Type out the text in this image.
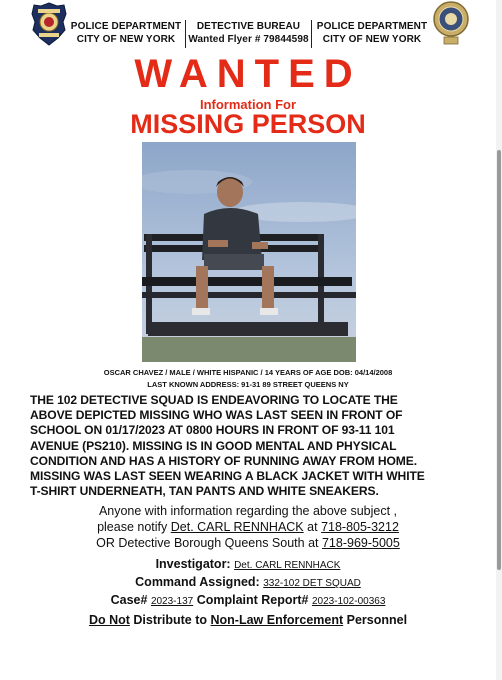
POLICE DEPARTMENT
CITY OF NEW YORK
DETECTIVE BUREAU
Wanted Flyer # 79844598
POLICE DEPARTMENT
CITY OF NEW YORK
WANTED
Information For
MISSING PERSON
OSCAR CHAVEZ / MALE / WHITE HISPANIC / 14 YEARS OF AGE DOB: 04/14/2008
LAST KNOWN ADDRESS: 91-31 89 STREET QUEENS NY
THE 102 DETECTIVE SQUAD IS ENDEAVORING TO LOCATE THE
ABOVE DEPICTED MISSING WHO WAS LAST SEEN IN FRONT OF
SCHOOL ON 01/17/2023 AT 0800 HOURS IN FRONT OF 93-11 101
AVENUE (PS210). MISSING IS IN GOOD MENTAL AND PHYSICAL
CONDITION AND HAS A HISTORY OF RUNNING AWAY FROM HOME.
MISSING WAS LAST SEEN WEARING A BLACK JACKET WITH WHITE
T-SHIRT UNDERNEATH, TAN PANTS AND WHITE SNEAKERS.
Anyone with information regarding the above subject ,
please notify Det. CARL RENNHACK at 718-805-3212
OR Detective Borough Queens South at 718-969-5005
Investigator: Det. CARL RENNHACK
Command Assigned: 332-102 DET SQUAD
Case# 2023-137 Complaint Report# 2023-102-00363
Do Not Distribute to Non-Law Enforcement Personnel
